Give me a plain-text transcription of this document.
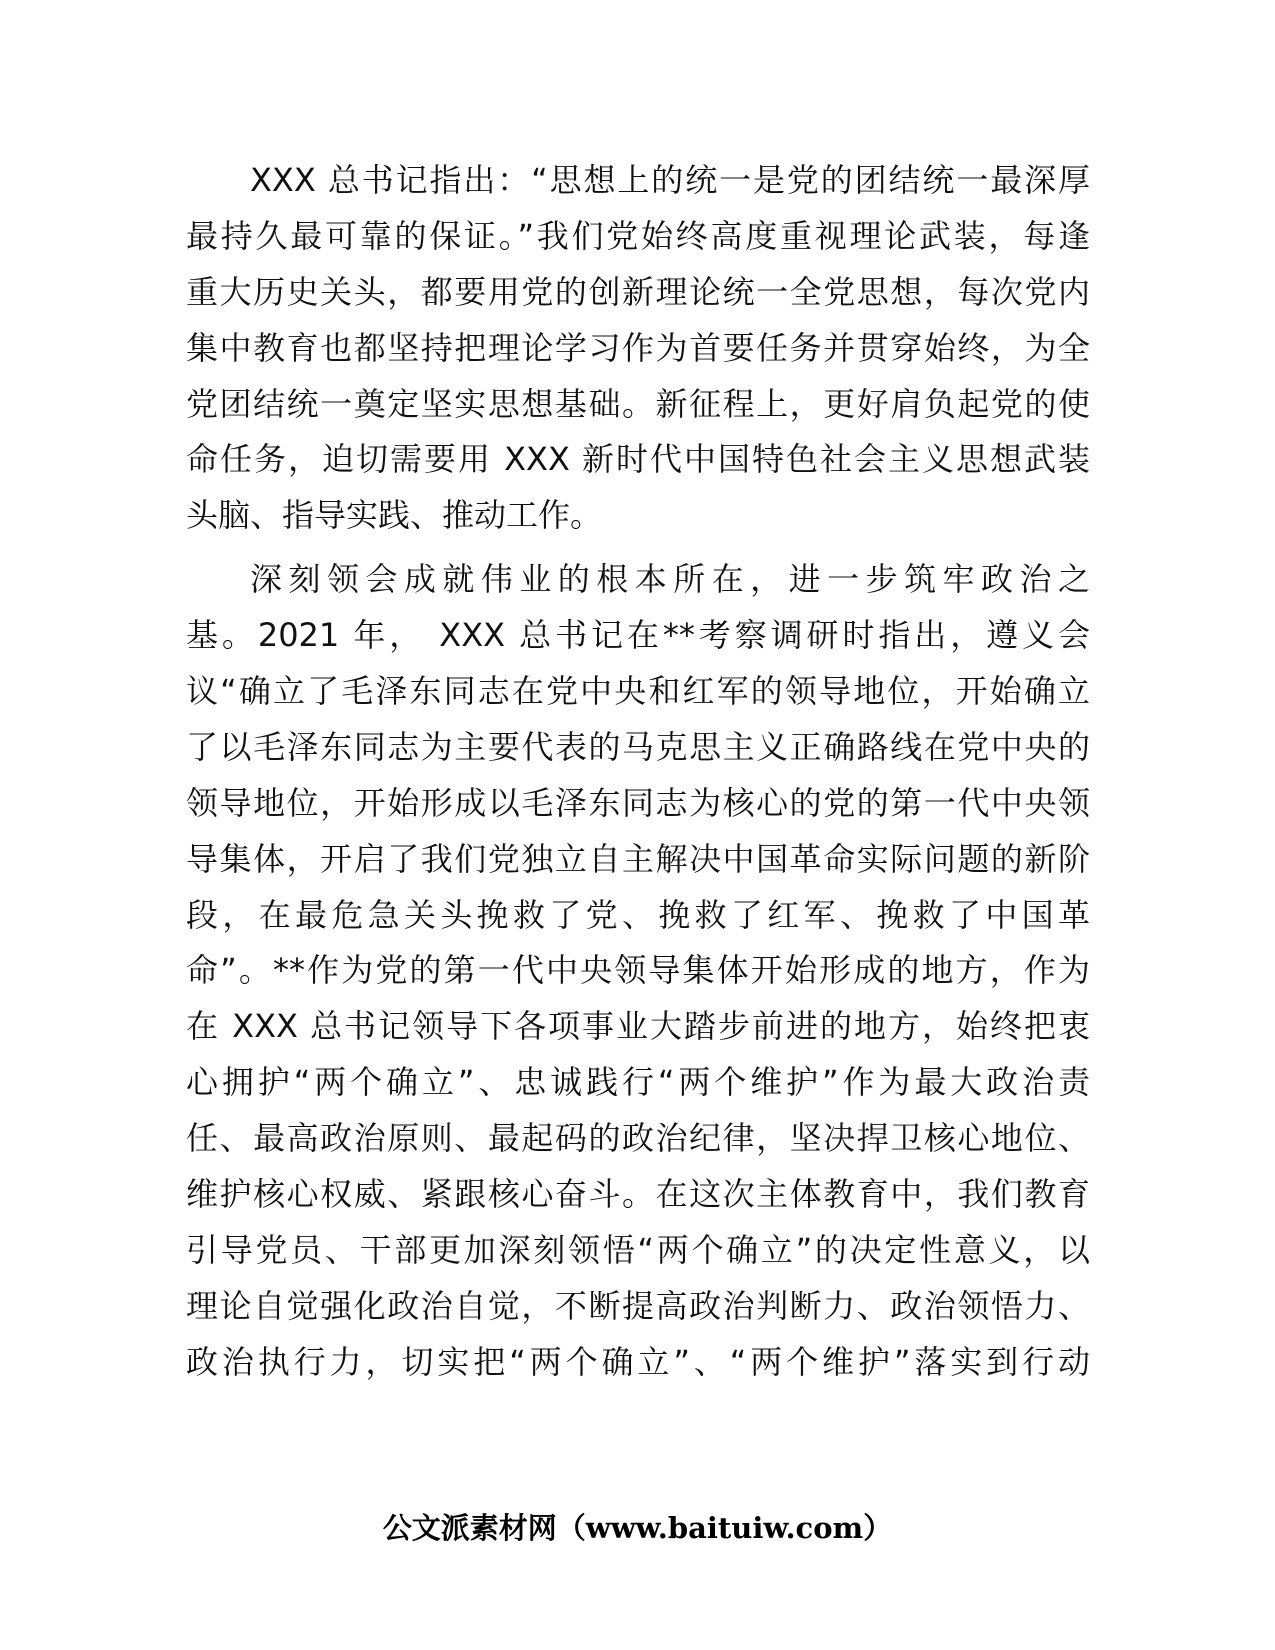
XXX 总书记指出：“思想上的统一是党的团结统一最深厚
最持久最可靠的保证。”我们党始终高度重视理论武装，每逢
重大历史关头，都要用党的创新理论统一全党思想，每次党内
集中教育也都坚持把理论学习作为首要任务并贯穿始终，为全
党团结统一奠定坚实思想基础。新征程上，更好肩负起党的使
命任务，迫切需要用 XXX 新时代中国特色社会主义思想武装
头脑、指导实践、推动工作。
深刻领会成就伟业的根本所在，进一步筑牢政治之
基。2021 年， XXX 总书记在**考察调研时指出，遵义会
议“确立了毛泽东同志在党中央和红军的领导地位，开始确立
了以毛泽东同志为主要代表的马克思主义正确路线在党中央的
领导地位，开始形成以毛泽东同志为核心的党的第一代中央领
导集体，开启了我们党独立自主解决中国革命实际问题的新阶
段，在最危急关头挽救了党、挽救了红军、挽救了中国革
命”。**作为党的第一代中央领导集体开始形成的地方，作为
在 XXX 总书记领导下各项事业大踏步前进的地方，始终把衷
心拥护“两个确立”、忠诚践行“两个维护”作为最大政治责
任、最高政治原则、最起码的政治纪律，坚决捍卫核心地位、
维护核心权威、紧跟核心奋斗。在这次主体教育中，我们教育
引导党员、干部更加深刻领悟“两个确立”的决定性意义，以
理论自觉强化政治自觉，不断提高政治判断力、政治领悟力、
政治执行力，切实把“两个确立”、“两个维护”落实到行动
公文派素材网（www.baituiw.com）
